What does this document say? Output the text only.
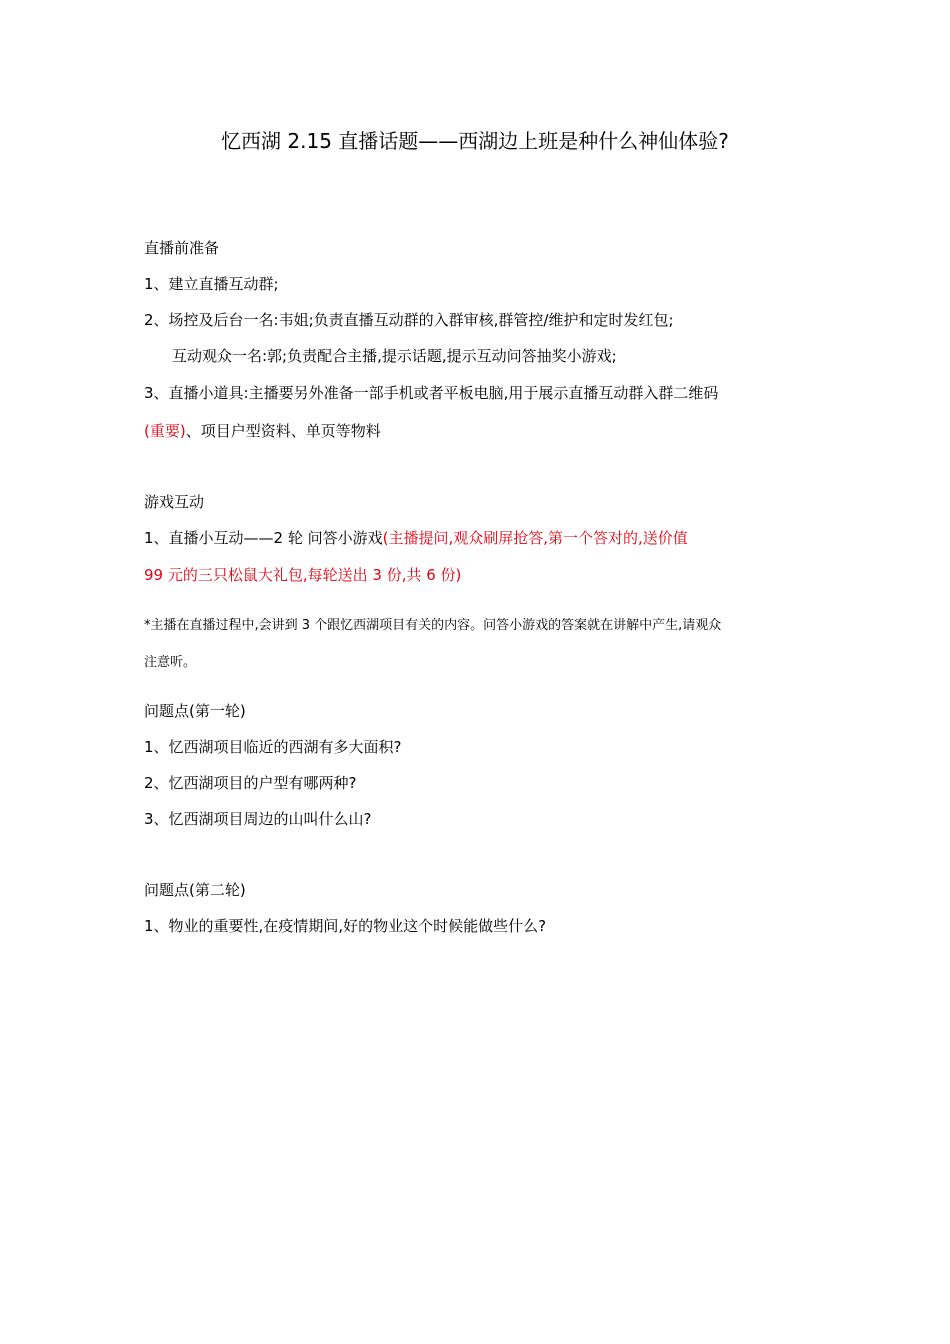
忆西湖 2.15 直播话题——西湖边上班是种什么神仙体验?
直播前准备
1、建立直播互动群;
2、场控及后台一名:韦姐;负责直播互动群的入群审核,群管控/维护和定时发红包;
互动观众一名:郭;负责配合主播,提示话题,提示互动问答抽奖小游戏;
3、直播小道具:主播要另外准备一部手机或者平板电脑,用于展示直播互动群入群二维码
(重要)、项目户型资料、单页等物料
游戏互动
1、直播小互动——2 轮 问答小游戏(主播提问,观众刷屏抢答,第一个答对的,送价值
99 元的三只松鼠大礼包,每轮送出 3 份,共 6 份)
*主播在直播过程中,会讲到 3 个跟忆西湖项目有关的内容。问答小游戏的答案就在讲解中产生,请观众
注意听。
问题点(第一轮)
1、忆西湖项目临近的西湖有多大面积?
2、忆西湖项目的户型有哪两种?
3、忆西湖项目周边的山叫什么山?
问题点(第二轮)
1、物业的重要性,在疫情期间,好的物业这个时候能做些什么?
